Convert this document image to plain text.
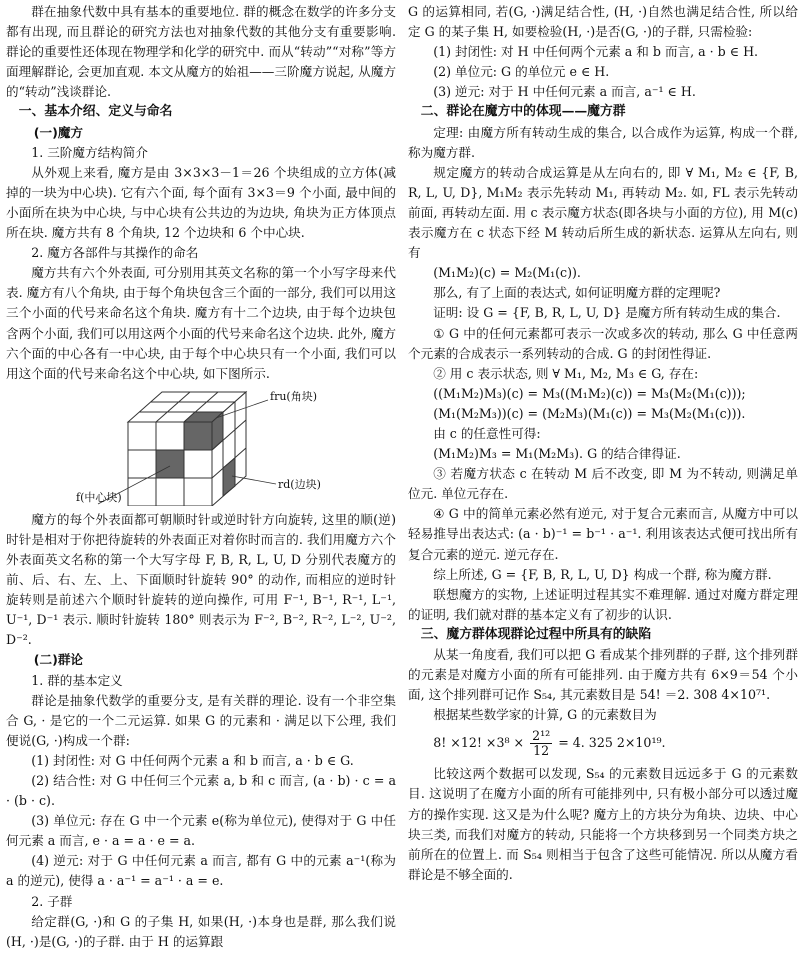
群在抽象代数中具有基本的重要地位. 群的概念在数学的许多分支都有出现, 而且群论的研究方法也对抽象代数的其他分支有重要影响. 群论的重要性还体现在物理学和化学的研究中. 而从“转动”“对称”等方面理解群论, 会更加直观. 本文从魔方的始祖——三阶魔方说起, 从魔方的“转动”浅谈群论.

一、基本介绍、定义与命名

(一)魔方

1. 三阶魔方结构简介

从外观上来看, 魔方是由 3×3×3－1＝26 个块组成的立方体(减掉的一块为中心块). 它有六个面, 每个面有 3×3＝9 个小面, 最中间的小面所在块为中心块, 与中心块有公共边的为边块, 角块为正方体顶点所在块. 魔方共有 8 个角块, 12 个边块和 6 个中心块.

2. 魔方各部件与其操作的命名

魔方共有六个外表面, 可分别用其英文名称的第一个小写字母来代表. 魔方有八个角块, 由于每个角块包含三个面的一部分, 我们可以用这三个小面的代号来命名这个角块. 魔方有十二个边块, 由于每个边块包含两个小面, 我们可以用这两个小面的代号来命名这个边块. 此外, 魔方六个面的中心各有一中心块, 由于每个中心块只有一个小面, 我们可以用这个面的代号来命名这个中心块, 如下图所示.

fru(角块)
rd(边块)
f(中心块)

魔方的每个外表面都可朝顺时针或逆时针方向旋转, 这里的顺(逆)时针是相对于你把待旋转的外表面正对着你时而言的. 我们用魔方六个外表面英文名称的第一个大写字母 F, B, R, L, U, D 分别代表魔方的前、后、右、左、上、下面顺时针旋转 90° 的动作, 而相应的逆时针旋转则是前述六个顺时针旋转的逆向操作, 可用 F⁻¹, B⁻¹, R⁻¹, L⁻¹, U⁻¹, D⁻¹ 表示. 顺时针旋转 180° 则表示为 F⁻², B⁻², R⁻², L⁻², U⁻², D⁻².

(二)群论

1. 群的基本定义

群论是抽象代数学的重要分支, 是有关群的理论. 设有一个非空集合 G, · 是它的一个二元运算. 如果 G 的元素和 · 满足以下公理, 我们便说(G, ·)构成一个群:

(1) 封闭性: 对 G 中任何两个元素 a 和 b 而言, a · b ∈ G.

(2) 结合性: 对 G 中任何三个元素 a, b 和 c 而言, (a · b) · c = a · (b · c).

(3) 单位元: 存在 G 中一个元素 e(称为单位元), 使得对于 G 中任何元素 a 而言, e · a = a · e = a.

(4) 逆元: 对于 G 中任何元素 a 而言, 都有 G 中的元素 a⁻¹(称为 a 的逆元), 使得 a · a⁻¹ = a⁻¹ · a = e.

2. 子群

给定群(G, ·)和 G 的子集 H, 如果(H, ·)本身也是群, 那么我们说(H, ·)是(G, ·)的子群. 由于 H 的运算跟

G 的运算相同, 若(G, ·)满足结合性, (H, ·)自然也满足结合性, 所以给定 G 的某子集 H, 如要检验(H, ·)是否(G, ·)的子群, 只需检验:

(1) 封闭性: 对 H 中任何两个元素 a 和 b 而言, a · b ∈ H.

(2) 单位元: G 的单位元 e ∈ H.

(3) 逆元: 对于 H 中任何元素 a 而言, a⁻¹ ∈ H.

二、群论在魔方中的体现——魔方群

定理: 由魔方所有转动生成的集合, 以合成作为运算, 构成一个群, 称为魔方群.

规定魔方的转动合成运算是从左向右的, 即 ∀ M₁, M₂ ∈ {F, B, R, L, U, D}, M₁M₂ 表示先转动 M₁, 再转动 M₂. 如, FL 表示先转动前面, 再转动左面. 用 c 表示魔方状态(即各块与小面的方位), 用 M(c) 表示魔方在 c 状态下经 M 转动后所生成的新状态. 运算从左向右, 则有

(M₁M₂)(c) = M₂(M₁(c)).

那么, 有了上面的表达式, 如何证明魔方群的定理呢?

证明: 设 G = {F, B, R, L, U, D} 是魔方所有转动生成的集合.

① G 中的任何元素都可表示一次或多次的转动, 那么 G 中任意两个元素的合成表示一系列转动的合成. G 的封闭性得证.

② 用 c 表示状态, 则 ∀ M₁, M₂, M₃ ∈ G, 存在:

((M₁M₂)M₃)(c) = M₃((M₁M₂)(c)) = M₃(M₂(M₁(c)));

(M₁(M₂M₃))(c) = (M₂M₃)(M₁(c)) = M₃(M₂(M₁(c))).

由 c 的任意性可得:

(M₁M₂)M₃ = M₁(M₂M₃). G 的结合律得证.

③ 若魔方状态 c 在转动 M 后不改变, 即 M 为不转动, 则满足单位元. 单位元存在.

④ G 中的简单元素必然有逆元, 对于复合元素而言, 从魔方中可以轻易推导出表达式: (a · b)⁻¹ = b⁻¹ · a⁻¹. 利用该表达式便可找出所有复合元素的逆元. 逆元存在.

综上所述, G = {F, B, R, L, U, D} 构成一个群, 称为魔方群.

联想魔方的实物, 上述证明过程其实不难理解. 通过对魔方群定理的证明, 我们就对群的基本定义有了初步的认识.

三、魔方群体现群论过程中所具有的缺陷

从某一角度看, 我们可以把 G 看成某个排列群的子群, 这个排列群的元素是对魔方小面的所有可能排列. 由于魔方共有 6×9＝54 个小面, 这个排列群可记作 S₅₄, 其元素数目是 54! ＝2. 308 4×10⁷¹.

根据某些数学家的计算, G 的元素数目为

8! ×12! $\times 3^8 \times \frac{\text{2¹²}}{12} = 4$. 325 2×10¹⁹.

比较这两个数据可以发现, S₅₄ 的元素数目远远多于 G 的元素数目. 这说明了在魔方小面的所有可能排列中, 只有极小部分可以透过魔方的操作实现. 这又是为什么呢? 魔方上的方块分为角块、边块、中心块三类, 而我们对魔方的转动, 只能将一个方块移到另一个同类方块之前所在的位置上. 而 S₅₄ 则相当于包含了这些可能情况. 所以从魔方看群论是不够全面的.
